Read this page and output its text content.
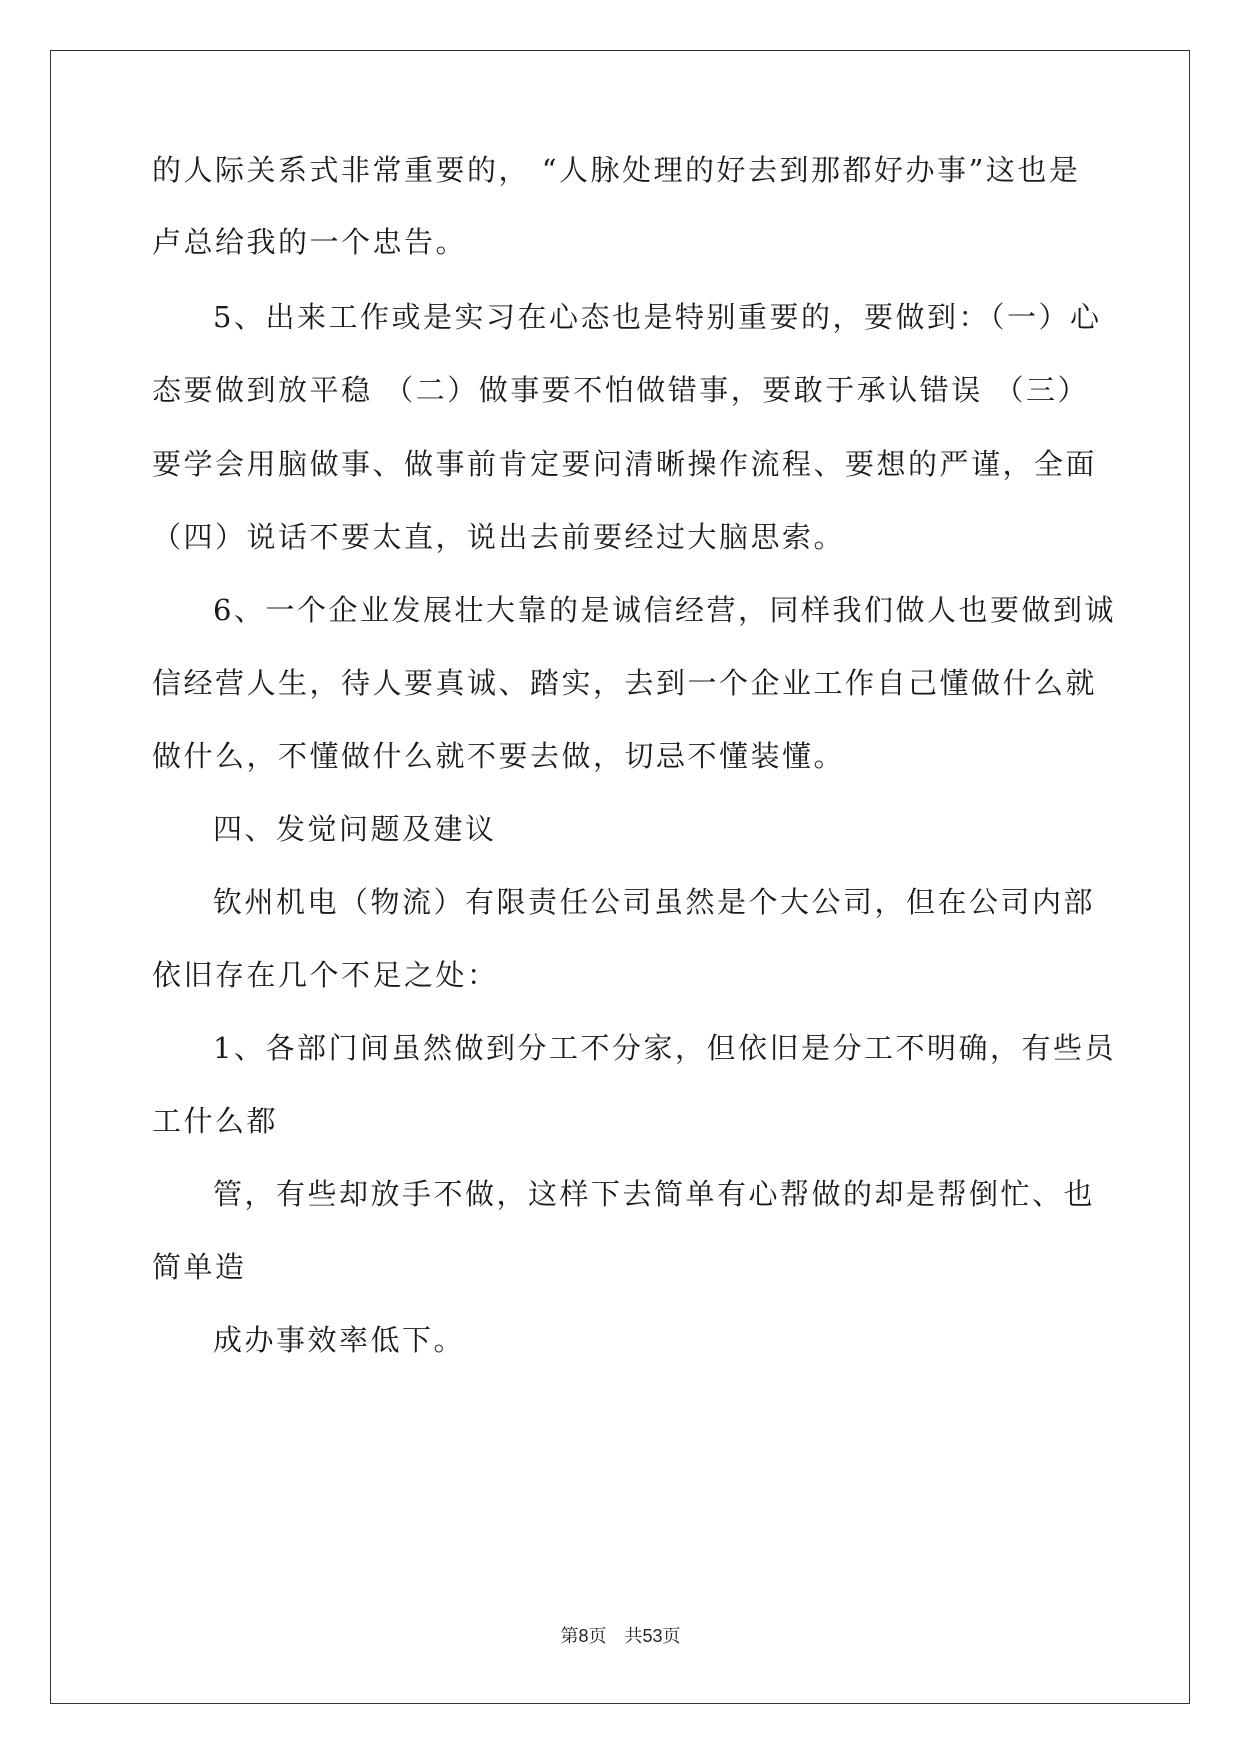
的人际关系式非常重要的， “人脉处理的好去到那都好办事”这也是
卢总给我的一个忠告。
5、出来工作或是实习在心态也是特别重要的，要做到：（一）心
态要做到放平稳 （二）做事要不怕做错事，要敢于承认错误 （三）
要学会用脑做事、做事前肯定要问清晰操作流程、要想的严谨，全面
（四）说话不要太直，说出去前要经过大脑思索。
6、一个企业发展壮大靠的是诚信经营，同样我们做人也要做到诚
信经营人生，待人要真诚、踏实，去到一个企业工作自己懂做什么就
做什么，不懂做什么就不要去做，切忌不懂装懂。
四、发觉问题及建议
钦州机电（物流）有限责任公司虽然是个大公司，但在公司内部
依旧存在几个不足之处：
1、各部门间虽然做到分工不分家，但依旧是分工不明确，有些员
工什么都
管，有些却放手不做，这样下去简单有心帮做的却是帮倒忙、也
简单造
成办事效率低下。
第8页 共53页
